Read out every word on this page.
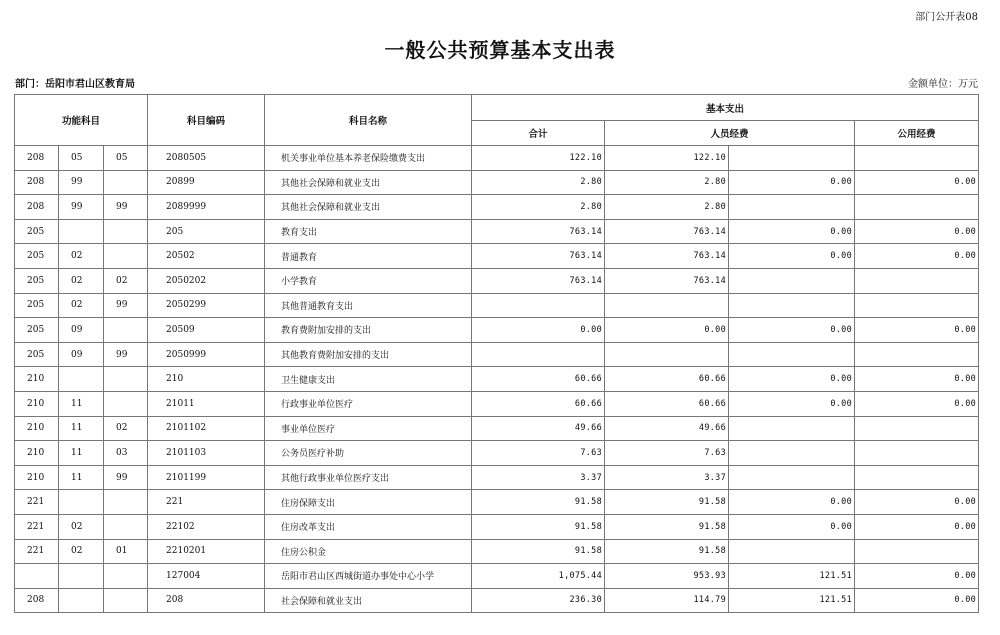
部门公开表08
一般公共预算基本支出表
部门：岳阳市君山区教育局	金额单位：万元
功能科目			科目编码	科目名称	基本支出			
					合计	人员经费		公用经费
208	05	05	2080505	机关事业单位基本养老保险缴费支出	122.10	122.10		
208	99		20899	其他社会保障和就业支出	2.80	2.80	0.00	0.00
208	99	99	2089999	其他社会保障和就业支出	2.80	2.80		
205			205	教育支出	763.14	763.14	0.00	0.00
205	02		20502	普通教育	763.14	763.14	0.00	0.00
205	02	02	2050202	小学教育	763.14	763.14		
205	02	99	2050299	其他普通教育支出				
205	09		20509	教育费附加安排的支出	0.00	0.00	0.00	0.00
205	09	99	2050999	其他教育费附加安排的支出				
210			210	卫生健康支出	60.66	60.66	0.00	0.00
210	11		21011	行政事业单位医疗	60.66	60.66	0.00	0.00
210	11	02	2101102	事业单位医疗	49.66	49.66		
210	11	03	2101103	公务员医疗补助	7.63	7.63		
210	11	99	2101199	其他行政事业单位医疗支出	3.37	3.37		
221			221	住房保障支出	91.58	91.58	0.00	0.00
221	02		22102	住房改革支出	91.58	91.58	0.00	0.00
221	02	01	2210201	住房公积金	91.58	91.58		
			127004	岳阳市君山区西城街道办事处中心小学	1,075.44	953.93	121.51	0.00
208			208	社会保障和就业支出	236.30	114.79	121.51	0.00
